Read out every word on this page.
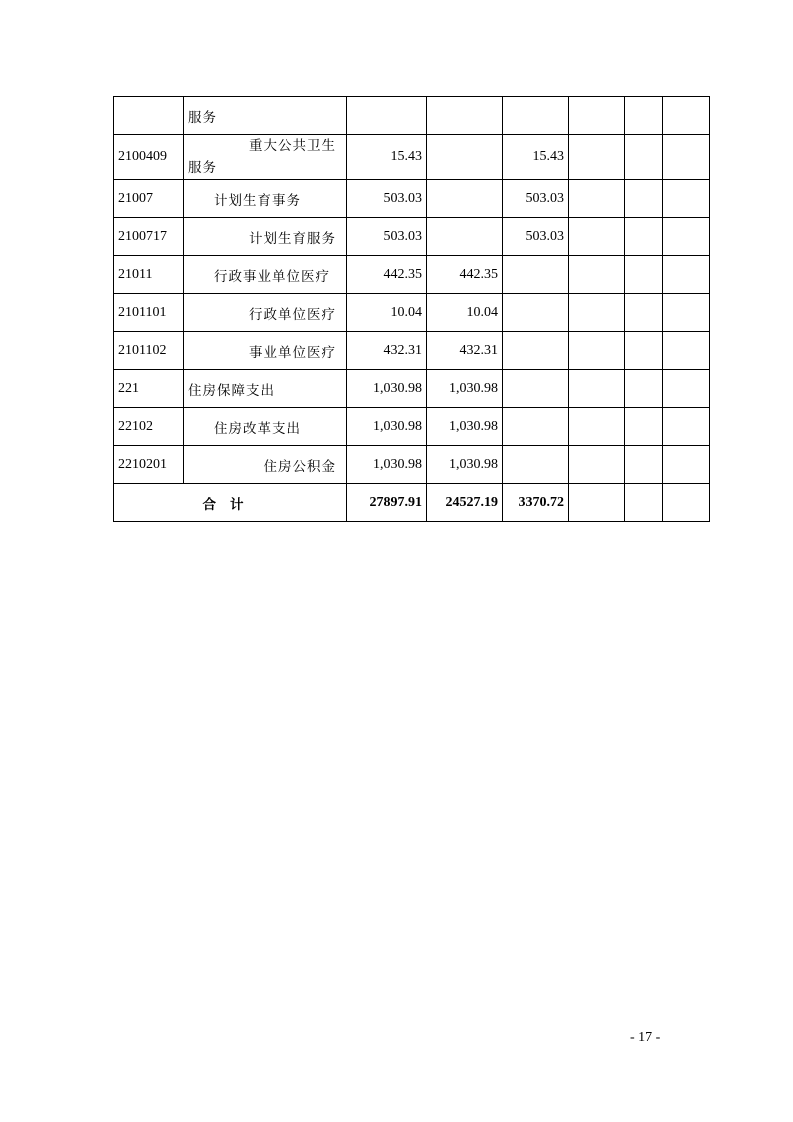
	服务						
2100409	重大公共卫生
服务	15.43		15.43			
21007	计划生育事务	503.03		503.03			
2100717	计划生育服务	503.03		503.03			
21011	行政事业单位医疗	442.35	442.35				
2101101	行政单位医疗	10.04	10.04				
2101102	事业单位医疗	432.31	432.31				
221	住房保障支出	1,030.98	1,030.98				
22102	住房改革支出	1,030.98	1,030.98				
2210201	住房公积金	1,030.98	1,030.98				
合计		27897.91	24527.19	3370.72			
- 17 -
